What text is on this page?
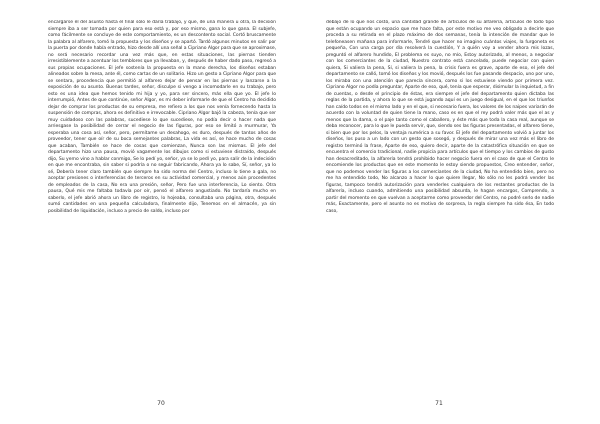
encargarse él del asunto hasta el final sólo le daría trabajo, y que, de una manera u otra, la decisión siempre iba a ser tomada por quien para eso está y, por eso mismo, gana lo que gana. El subjefe, como fácilmente se concluye de este comportamiento, es un descontento social. Cortó bruscamente la palabra al alfarero, tomó la propuesta y los diseños y se apartó. Tardó algunos minutos en salir por la puerta por donde había entrado, hizo desde allí una señal a Cipriano Algor para que se aproximase, no será necesario recordar una vez más que, en estas situaciones, las piernas tienden irresistiblemente a acentuar los temblores que ya llevaban, y, después de haber dado paso, regresó a sus propias ocupaciones. El jefe sostenía la propuesta en la mano derecha, los diseños estaban alineados sobre la mesa, ante él, como cartas de un solitario. Hizo un gesto a Cipriano Algor para que se sentara, procedencia que permitió al alfarero dejar de pensar en las piernas y lanzarse a la exposición de su asunto. Buenas tardes, señor, disculpe si vengo a incomodarle en su trabajo, pero esto es una idea que hemos tenido mi hija y yo, para ser sincero, más ella que yo. El jefe lo interrumpió, Antes de que continúe, señor Algor, es mi deber informarle de que el Centro ha decidido dejar de comprar los productos de su empresa, me refiero a los que nos venía fornecendo hasta la suspensión de compras, ahora es definitivo e irrevocable. Cipriano Algor bajó la cabeza, tenía que ser muy cuidadoso con las palabras, sucediese lo que sucediese, no podía decir o hacer nada que arriesgase la posibilidad de cerrar el negocio de las figuras, por eso se limitó a murmurar, Ya esperaba una cosa así, señor, pero, permítame un desahogo, es duro, después de tantos años de proveedor, tener que oír de su boca semejantes palabras, La vida es así, se hace mucho de cosas que acaban, También se hace de cosas que comienzan, Nunca son las mismas. El jefe del departamento hizo una pausa, movió vagamente los dibujos como si estuviese distraído, después dijo, Su yerno vino a hablar conmigo, Se lo pedí yo, señor, ya se lo pedí yo, para salir de la indecisión en que me encontraba, sin saber si podría o no seguir fabricando, Ahora ya lo sabe, Sí, señor, ya lo sé, Debería tener claro también que siempre ha sido norma del Centro, incluso lo tiene a gala, no aceptar presiones o interferencias de terceros en su actividad comercial, y menos aún procedentes de empleados de la casa, No era una presión, señor, Pero fue una interferencia, Lo siento. Otra pausa, Qué mis me faltaba todavía por oír, pensó el alfarero angustiado. No tardaría mucho en saberlo, el jefe abrió ahora un libro de registro, lo hojeaba, consultaba una página, otra, después sumó cantidades en una pequeña calculadora, finalmente dijo, Tenemos en el almacén, ya sin posibilidad de liquidación, incluso a precio de saldo, incluso por

70

debajo de lo que nos costó, una cantidad grande de artículos de su alfarería, artículos de todo tipo que están ocupando un espacio que me hace falta, por este motivo me veo obligado a decirle que proceda a su retirada en el plazo máximo de dos semanas, tenía la intención de mandar que le telefoneasen mañana para informarle, Tendré que hacer no imagino cuántos viajes, la furgoneta es pequeña, Con una carga por día resolverá la cuestión, Y a quién voy a vender ahora mis lozas, preguntó el alfarero hundido, El problema es suyo, no mío, Estoy autorizado, al menos, a negociar con los comerciantes de la ciudad, Nuestro contrato está cancelado, puede negociar con quien quiera, Si valiera la pena, Sí, si valiera la pena, la crisis fuera es grave, aparte de eso, el jefe del departamento se calló, tomó los diseños y los movió, después los fue pasando despacio, uno por uno, los miraba con una atención que parecía sincera, como si los estuviese viendo por primera vez. Cipriano Algor no podía preguntar, Aparte de eso, qué, tenía que esperar, disimular la inquietud, a fin de cuentas, o desde el principio de éstas, era siempre el jefe del departamento quien dictaba las reglas de la partida, y ahora lo que se está jugando aquí es un juego desigual, en el que los triunfos han caído todos en el mismo lado y en el que, si necesario fuera, los valores de los naipes variarán de acuerdo con la voluntad de quien tiene la mano, caso es en que el rey podrá valer más que el as y menos que la dama, o el paje tanto como el caballero, y éste más que toda la casa real, aunque se deba reconocer, para lo que le pueda servir, que, siendo ses las figuras presentadas, el alfarero tiene, si bien que por los pelos, la ventaja numérica a su favor. El jefe del departamento volvió a juntar los diseños, los puso a un lado con un gesto que sosegó, y después de mirar una vez más el libro de registro terminó la frase, Aparte de eso, quiero decir, aparte de la catastrófica situación en que se encuentra el comercio tradicional, nadie propicia para artículos que el tiempo y los cambios de gusto han desacreditado, la alfarería tendrá prohibido hacer negocio fuera en el caso de que el Centro le encomiende los productos que en este momento le estoy siendo propuestos, Creo entender, señor, que no podemos vender las figuras a los comerciantes de la ciudad, No ha entendido bien, pero no me ha entendido todo, No alcanzo a hacer lo que quiere llegar, No sólo no les podrá vender las figuras, tampoco tendrá autorización para venderles cualquiera de los restantes productos de la alfarería, incluso cuando, admitiendo una posibilidad absurda, le hagan encargos, Comprendo, a partir del momento en que vuelvan a aceptarme como proveedor del Centro, no podré serlo de nadie más, Exactamente, pero el asunto no es motivo de sorpresa, la regla siempre ha sido ésa, En todo caso,

71
